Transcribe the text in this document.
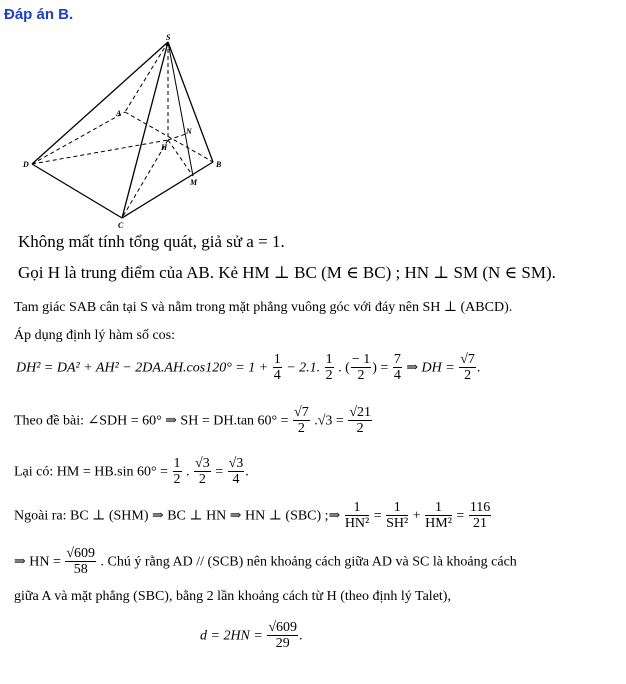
Đáp án B.
S
A
D
H
N
B
M
C
Không mất tính tổng quát, giả sử a = 1.
Gọi H là trung điểm của AB. Kẻ HM ⊥ BC (M ∈ BC) ; HN ⊥ SM (N ∈ SM).
Tam giác SAB cân tại S và nằm trong mặt phẳng vuông góc với đáy nên SH ⊥ (ABCD).
Áp dụng định lý hàm số cos:
$DH^2 = DA^2 + AH^2 - 2DA.AH.\cos 120^\circ = 1 + \frac{1}{4} - 2.1$. $\frac{1}{2}$ . ( $\frac{- 1}{2}$ ) = $\frac{7}{4}$ ⇒ DH = $\frac{√7}{2}$ .
Theo đề bài: ∠SDH = 60° ⇒ SH = DH.tan $60^\circ = \frac{√7}{2} .√3 = \frac{√21}{2}$
Lại có: HM = HB.sin $60^\circ = \frac{1}{2}$ . $\frac{√3}{2} = \frac{√3}{4}$ .
Ngoài ra: BC ⊥ (SHM) ⇒ BC ⊥ HN ⇒ HN ⊥ (SBC) ;⇒ $\frac{1}{\text{HN²}} = \frac{1}{\text{SH²}} + \frac{1}{\text{HM²}} = \frac{116}{21}$
⇒ HN = $\frac{√609}{58}$ . Chú ý rằng AD // (SCB) nên khoảng cách giữa AD và SC là khoảng cách
giữa A và mặt phẳng (SBC), bằng 2 lần khoảng cách từ H (theo định lý Talet),
$d = 2HN = \frac{√609}{29}$ .
